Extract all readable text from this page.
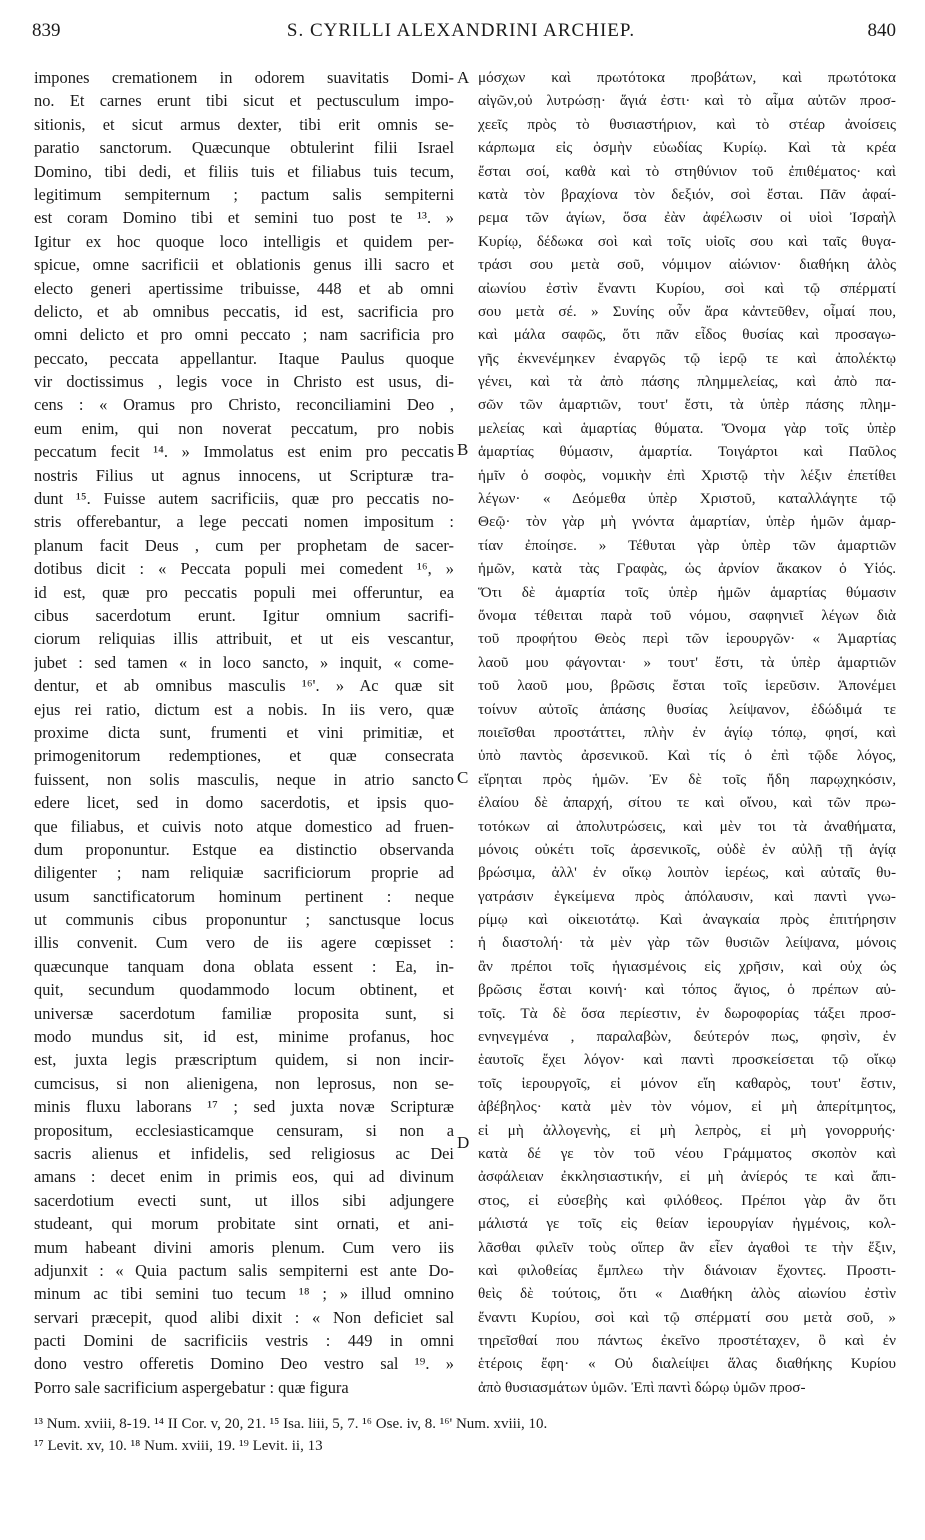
839	S. CYRILLI ALEXANDRINI ARCHIEP.	840
impones cremationem in odorem suavitatis Domi-
no. Et carnes erunt tibi sicut et pectusculum impo-
sitionis, et sicut armus dexter, tibi erit omnis se-
paratio sanctorum. Quæcunque obtulerint filii Israel
Domino, tibi dedi, et filiis tuis et filiabus tuis tecum,
legitimum sempiternum ; pactum salis sempiterni
est coram Domino tibi et semini tuo post te ¹³. »
Igitur ex hoc quoque loco intelligis et quidem per-
spicue, omne sacrificii et oblationis genus illi sacro et
electo generi apertissime tribuisse, 448 et ab omni
delicto, et ab omnibus peccatis, id est, sacrificia pro
omni delicto et pro omni peccato ; nam sacrificia pro
peccato, peccata appellantur. Itaque Paulus quoque
vir doctissimus , legis voce in Christo est usus, di-
cens : « Oramus pro Christo, reconciliamini Deo ,
eum enim, qui non noverat peccatum, pro nobis
peccatum fecit ¹⁴. » Immolatus est enim pro peccatis
nostris Filius ut agnus innocens, ut Scripturæ tra-
dunt ¹⁵. Fuisse autem sacrificiis, quæ pro peccatis no-
stris offerebantur, a lege peccati nomen impositum :
planum facit Deus , cum per prophetam de sacer-
dotibus dicit : « Peccata populi mei comedent ¹⁶, »
id est, quæ pro peccatis populi mei offeruntur, ea
cibus sacerdotum erunt. Igitur omnium sacrifi-
ciorum reliquias illis attribuit, et ut eis vescantur,
jubet : sed tamen « in loco sancto, » inquit, « come-
dentur, et ab omnibus masculis ¹⁶'. » Ac quæ sit
ejus rei ratio, dictum est a nobis. In iis vero, quæ
proxime dicta sunt, frumenti et vini primitiæ, et
primogenitorum redemptiones, et quæ consecrata
fuissent, non solis masculis, neque in atrio sancto
edere licet, sed in domo sacerdotis, et ipsis quo-
que filiabus, et cuivis noto atque domestico ad fruen-
dum proponuntur. Estque ea distinctio observanda
diligenter ; nam reliquiæ sacrificiorum proprie ad
usum sanctificatorum hominum pertinent : neque
ut communis cibus proponuntur ; sanctusque locus
illis convenit. Cum vero de iis agere cœpisset :
quæcunque tanquam dona oblata essent : Ea, in-
quit, secundum quodammodo locum obtinent, et
universæ sacerdotum familiæ proposita sunt, si
modo mundus sit, id est, minime profanus, hoc
est, juxta legis præscriptum quidem, si non incir-
cumcisus, si non alienigena, non leprosus, non se-
minis fluxu laborans ¹⁷ ; sed juxta novæ Scripturæ
propositum, ecclesiasticamque censuram, si non a
sacris alienus et infidelis, sed religiosus ac Dei
amans : decet enim in primis eos, qui ad divinum
sacerdotium evecti sunt, ut illos sibi adjungere
studeant, qui morum probitate sint ornati, et ani-
mum habeant divini amoris plenum. Cum vero iis
adjunxit : « Quia pactum salis sempiterni est ante Do-
minum ac tibi semini tuo tecum ¹⁸ ; » illud omnino
servari præcepit, quod alibi dixit : « Non deficiet sal
pacti Domini de sacrificiis vestris : 449 in omni
dono vestro offeretis Domino Deo vestro sal ¹⁹. »
Porro sale sacrificium aspergebatur : quæ figura
A
B
C
D
μόσχων καὶ πρωτότοκα προβάτων, καὶ πρωτότοκα
αἰγῶν,οὐ λυτρώσῃ· ἅγιά ἐστι· καὶ τὸ αἷμα αὐτῶν προσ-
χεεῖς πρὸς τὸ θυσιαστήριον, καὶ τὸ στέαρ ἀνοίσεις
κάρπωμα εἰς ὀσμὴν εὐωδίας Κυρίῳ. Καὶ τὰ κρέα
ἔσται σοί, καθὰ καὶ τὸ στηθύνιον τοῦ ἐπιθέματος· καὶ
κατὰ τὸν βραχίονα τὸν δεξιόν, σοὶ ἔσται. Πᾶν ἀφαί-
ρεμα τῶν ἁγίων, ὅσα ἐὰν ἀφέλωσιν οἱ υἱοὶ Ἰσραὴλ
Κυρίῳ, δέδωκα σοὶ καὶ τοῖς υἱοῖς σου καὶ ταῖς θυγα-
τράσι σου μετὰ σοῦ, νόμιμον αἰώνιον· διαθήκη ἁλὸς
αἰωνίου ἐστὶν ἔναντι Κυρίου, σοὶ καὶ τῷ σπέρματί
σου μετὰ σέ. » Συνίης οὖν ἄρα κἀντεῦθεν, οἶμαί που,
καὶ μάλα σαφῶς, ὅτι πᾶν εἶδος θυσίας καὶ προσαγω-
γῆς ἐκνενέμηκεν ἐναργῶς τῷ ἱερῷ τε καὶ ἀπολέκτῳ
γένει, καὶ τὰ ἀπὸ πάσης πλημμελείας, καὶ ἀπὸ πα-
σῶν τῶν ἁμαρτιῶν, τουτ' ἔστι, τὰ ὑπὲρ πάσης πλημ-
μελείας καὶ ἁμαρτίας θύματα. Ὄνομα γὰρ τοῖς ὑπὲρ
ἁμαρτίας θύμασιν, ἁμαρτία. Τοιγάρτοι καὶ Παῦλος
ἡμῖν ὁ σοφὸς, νομικὴν ἐπὶ Χριστῷ τὴν λέξιν ἐπετίθει
λέγων· « Δεόμεθα ὑπὲρ Χριστοῦ, καταλλάγητε τῷ
Θεῷ· τὸν γὰρ μὴ γνόντα ἁμαρτίαν, ὑπὲρ ἡμῶν ἁμαρ-
τίαν ἐποίησε. » Τέθυται γὰρ ὑπὲρ τῶν ἁμαρτιῶν
ἡμῶν, κατὰ τὰς Γραφὰς, ὡς ἀρνίον ἄκακον ὁ Υἱός.
Ὅτι δὲ ἁμαρτία τοῖς ὑπὲρ ἡμῶν ἁμαρτίας θύμασιν
ὄνομα τέθειται παρὰ τοῦ νόμου, σαφηνιεῖ λέγων διὰ
τοῦ προφήτου Θεὸς περὶ τῶν ἱερουργῶν· « Ἁμαρτίας
λαοῦ μου φάγονται· » τουτ' ἔστι, τὰ ὑπὲρ ἁμαρτιῶν
τοῦ λαοῦ μου, βρῶσις ἔσται τοῖς ἱερεῦσιν. Ἀπονέμει
τοίνυν αὐτοῖς ἁπάσης θυσίας λείψανον, ἐδώδιμά τε
ποιεῖσθαι προστάττει, πλὴν ἐν ἁγίῳ τόπῳ, φησί, καὶ
ὑπὸ παντὸς ἀρσενικοῦ. Καὶ τίς ὁ ἐπὶ τῷδε λόγος,
εἴρηται πρὸς ἡμῶν. Ἐν δὲ τοῖς ἤδη παρῳχηκόσιν,
ἐλαίου δὲ ἀπαρχή, σίτου τε καὶ οἴνου, καὶ τῶν πρω-
τοτόκων αἱ ἀπολυτρώσεις, καὶ μὲν τοι τὰ ἀναθήματα,
μόνοις οὐκέτι τοῖς ἀρσενικοῖς, οὐδὲ ἐν αὐλῇ τῇ ἁγίᾳ
βρώσιμα, ἀλλ' ἐν οἴκῳ λοιπὸν ἱερέως, καὶ αὐταῖς θυ-
γατράσιν ἐγκείμενα πρὸς ἀπόλαυσιν, καὶ παντὶ γνω-
ρίμῳ καὶ οἰκειοτάτῳ. Καὶ ἀναγκαία πρὸς ἐπιτήρησιν
ἡ διαστολή· τὰ μὲν γὰρ τῶν θυσιῶν λείψανα, μόνοις
ἂν πρέποι τοῖς ἡγιασμένοις εἰς χρῆσιν, καὶ οὐχ ὡς
βρῶσις ἔσται κοινή· καὶ τόπος ἅγιος, ὁ πρέπων αὐ-
τοῖς. Τὰ δὲ ὅσα περίεστιν, ἐν δωροφορίας τάξει προσ-
ενηνεγμένα , παραλαβὼν, δεύτερόν πως, φησὶν, ἐν
ἑαυτοῖς ἔχει λόγον· καὶ παντὶ προσκείσεται τῷ οἴκῳ
τοῖς ἱερουργοῖς, εἰ μόνον εἴη καθαρὸς, τουτ' ἔστιν,
ἀβέβηλος· κατὰ μὲν τὸν νόμον, εἰ μὴ ἀπερίτμητος,
εἰ μὴ ἀλλογενὴς, εἰ μὴ λεπρὸς, εἰ μὴ γονορρυής·
κατὰ δέ γε τὸν τοῦ νέου Γράμματος σκοπὸν καὶ
ἀσφάλειαν ἐκκλησιαστικήν, εἰ μὴ ἀνίερός τε καὶ ἄπι-
στος, εἰ εὐσεβὴς καὶ φιλόθεος. Πρέποι γὰρ ἂν ὅτι
μάλιστά γε τοῖς εἰς θείαν ἱερουργίαν ἠγμένοις, κολ-
λᾶσθαι φιλεῖν τοὺς οἵπερ ἂν εἶεν ἀγαθοὶ τε τὴν ἕξιν,
καὶ φιλοθείας ἔμπλεω τὴν διάνοιαν ἔχοντες. Προστι-
θεὶς δὲ τούτοις, ὅτι « Διαθήκη ἁλὸς αἰωνίου ἐστὶν
ἔναντι Κυρίου, σοὶ καὶ τῷ σπέρματί σου μετὰ σοῦ, »
τηρεῖσθαί που πάντως ἐκεῖνο προστέταχεν, ὃ καὶ ἐν
ἑτέροις ἔφη· « Οὐ διαλείψει ἅλας διαθήκης Κυρίου
ἀπὸ θυσιασμάτων ὑμῶν. Ἐπὶ παντὶ δώρῳ ὑμῶν προσ-
¹³ Num. xviii, 8-19. ¹⁴ II Cor. v, 20, 21. ¹⁵ Isa. liii, 5, 7. ¹⁶ Ose. iv, 8. ¹⁶' Num. xviii, 10.
¹⁷ Levit. xv, 10. ¹⁸ Num. xviii, 19. ¹⁹ Levit. ii, 13
